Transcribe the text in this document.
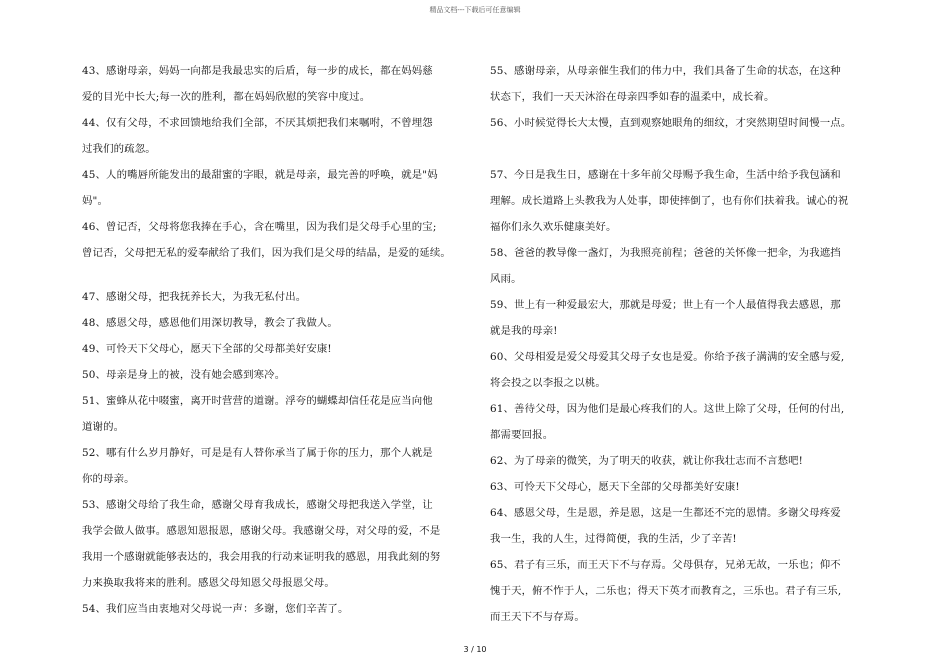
精品文档---下载后可任意编辑
43、感谢母亲，妈妈一向都是我最忠实的后盾，每一步的成长，都在妈妈慈
爱的目光中长大;每一次的胜利，都在妈妈欣慰的笑容中度过。
44、仅有父母，不求回馈地给我们全部，不厌其烦把我们来嘱咐，不曾埋怨
过我们的疏忽。
45、人的嘴唇所能发出的最甜蜜的字眼，就是母亲，最完善的呼唤，就是"妈
妈"。
46、曾记否，父母将您我捧在手心，含在嘴里，因为我们是父母手心里的宝;
曾记否，父母把无私的爱奉献给了我们，因为我们是父母的结晶，是爱的延续。
47、感谢父母，把我抚养长大，为我无私付出。
48、感恩父母，感恩他们用深切教导，教会了我做人。
49、可怜天下父母心，愿天下全部的父母都美好安康!
50、母亲是身上的被，没有她会感到寒冷。
51、蜜蜂从花中啜蜜，离开时营营的道谢。浮夸的蝴蝶却信任花是应当向他
道谢的。
52、哪有什么岁月静好，可是是有人替你承当了属于你的压力，那个人就是
你的母亲。
53、感谢父母给了我生命，感谢父母育我成长，感谢父母把我送入学堂，让
我学会做人做事。感恩知恩报恩，感谢父母。我感谢父母，对父母的爱，不是
我用一个感谢就能够表达的，我会用我的行动来证明我的感恩，用我此刻的努
力来换取我将来的胜利。感恩父母知恩父母报恩父母。
54、我们应当由衷地对父母说一声：多谢，您们辛苦了。
55、感谢母亲，从母亲催生我们的伟力中，我们具备了生命的状态，在这种
状态下，我们一天天沐浴在母亲四季如春的温柔中，成长着。
56、小时候觉得长大太慢，直到观察她眼角的细纹，才突然期望时间慢一点。
57、今日是我生日，感谢在十多年前父母赐予我生命，生活中给予我包涵和
理解。成长道路上头教我为人处事，即使摔倒了，也有你们扶着我。诚心的祝
福你们永久欢乐健康美好。
58、爸爸的教导像一盏灯，为我照亮前程；爸爸的关怀像一把伞，为我遮挡
风雨。
59、世上有一种爱最宏大，那就是母爱；世上有一个人最值得我去感恩，那
就是我的母亲!
60、父母相爱是爱父母爱其父母子女也是爱。你给予孩子满满的安全感与爱,
将会投之以李报之以桃。
61、善待父母，因为他们是最心疼我们的人。这世上除了父母，任何的付出,
都需要回报。
62、为了母亲的微笑，为了明天的收获，就让你我壮志而不言愁吧!
63、可怜天下父母心，愿天下全部的父母都美好安康!
64、感恩父母，生是恩，养是恩，这是一生都还不完的恩情。多谢父母疼爱
我一生，我的人生，过得简便，我的生活，少了辛苦!
65、君子有三乐，而王天下不与存焉。父母俱存，兄弟无故，一乐也；仰不
愧于天，俯不怍于人，二乐也；得天下英才而教育之，三乐也。君子有三乐,
而王天下不与存焉。
3 / 10
